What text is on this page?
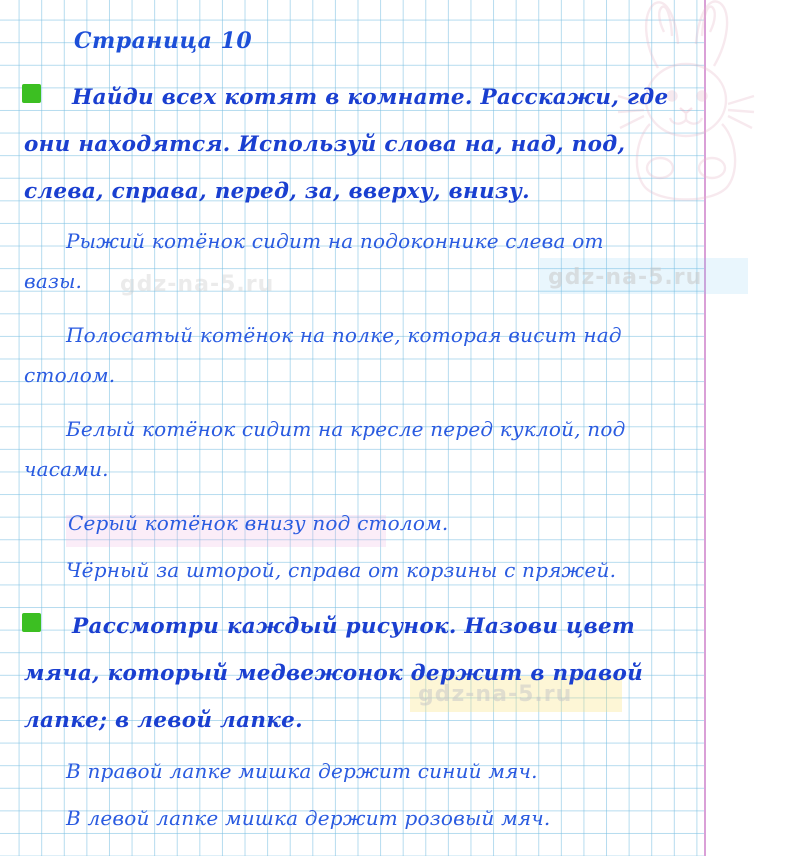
gdz-na-5.ru
gdz-na-5.ru
gdz-na-5.ru
Страница 10
Найди всех котят в комнате. Расскажи, где
они находятся. Используй слова на, над, под,
слева, справа, перед, за, вверху, внизу.
Рыжий котёнок сидит на подоконнике слева от
вазы.
Полосатый котёнок на полке, которая висит над
столом.
Белый котёнок сидит на кресле перед куклой, под
часами.
Серый котёнок внизу под столом.
Чёрный за шторой, справа от корзины с пряжей.
Рассмотри каждый рисунок. Назови цвет
мяча, который медвежонок держит в правой
лапке; в левой лапке.
В правой лапке мишка держит синий мяч.
В левой лапке мишка держит розовый мяч.
